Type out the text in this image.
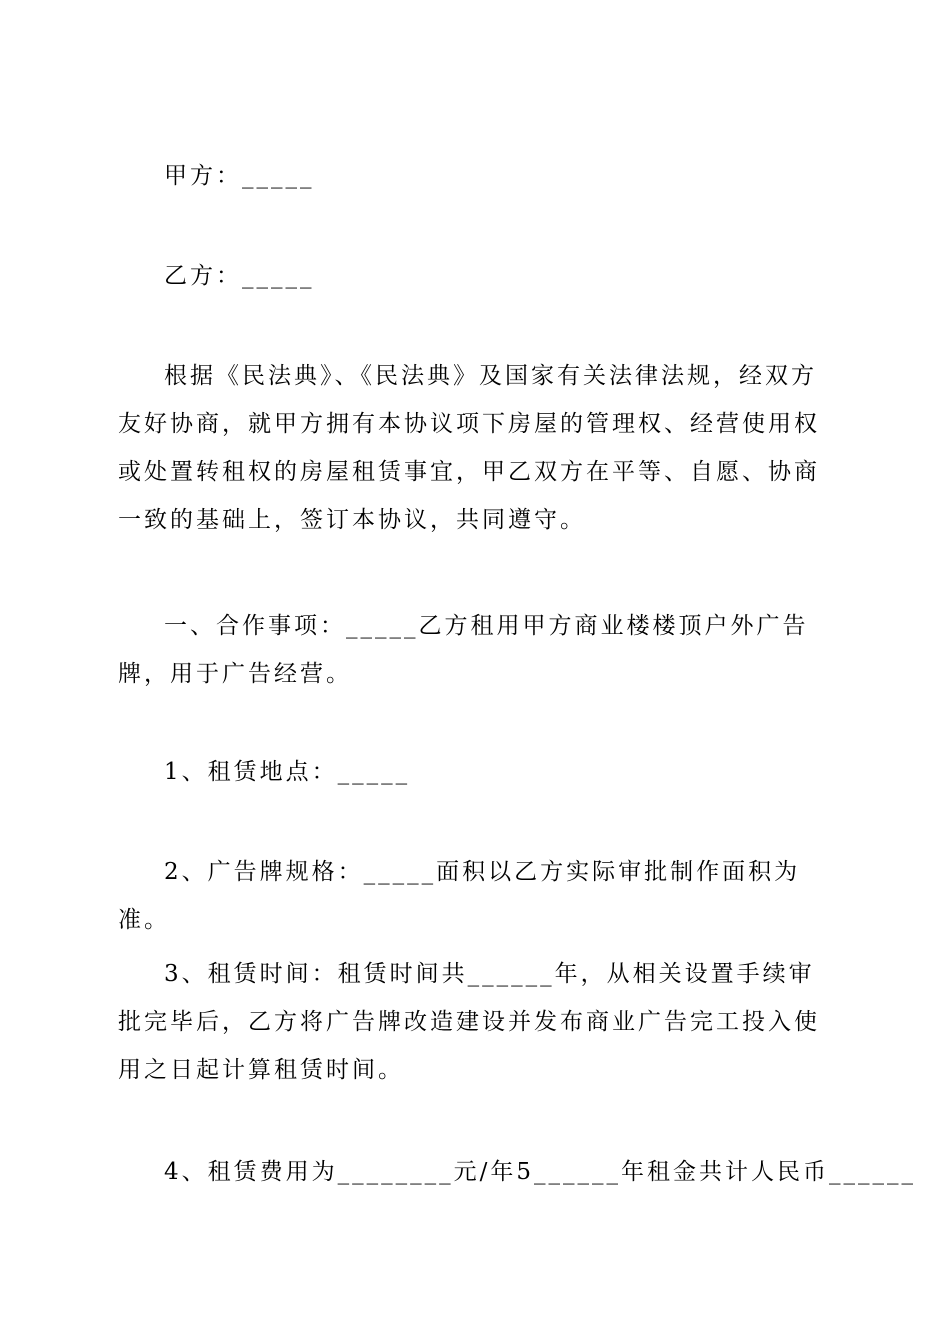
甲方：_____

乙方：_____

根据《民法典》、《民法典》及国家有关法律法规，经双方友好协商，就甲方拥有本协议项下房屋的管理权、经营使用权或处置转租权的房屋租赁事宜，甲乙双方在平等、自愿、协商一致的基础上，签订本协议，共同遵守。

一、合作事项：_____乙方租用甲方商业楼楼顶户外广告牌，用于广告经营。

1、租赁地点：_____

2、广告牌规格：_____面积以乙方实际审批制作面积为准。

3、租赁时间：租赁时间共______年，从相关设置手续审批完毕后，乙方将广告牌改造建设并发布商业广告完工投入使用之日起计算租赁时间。

4、租赁费用为________元/年5______年租金共计人民币______
